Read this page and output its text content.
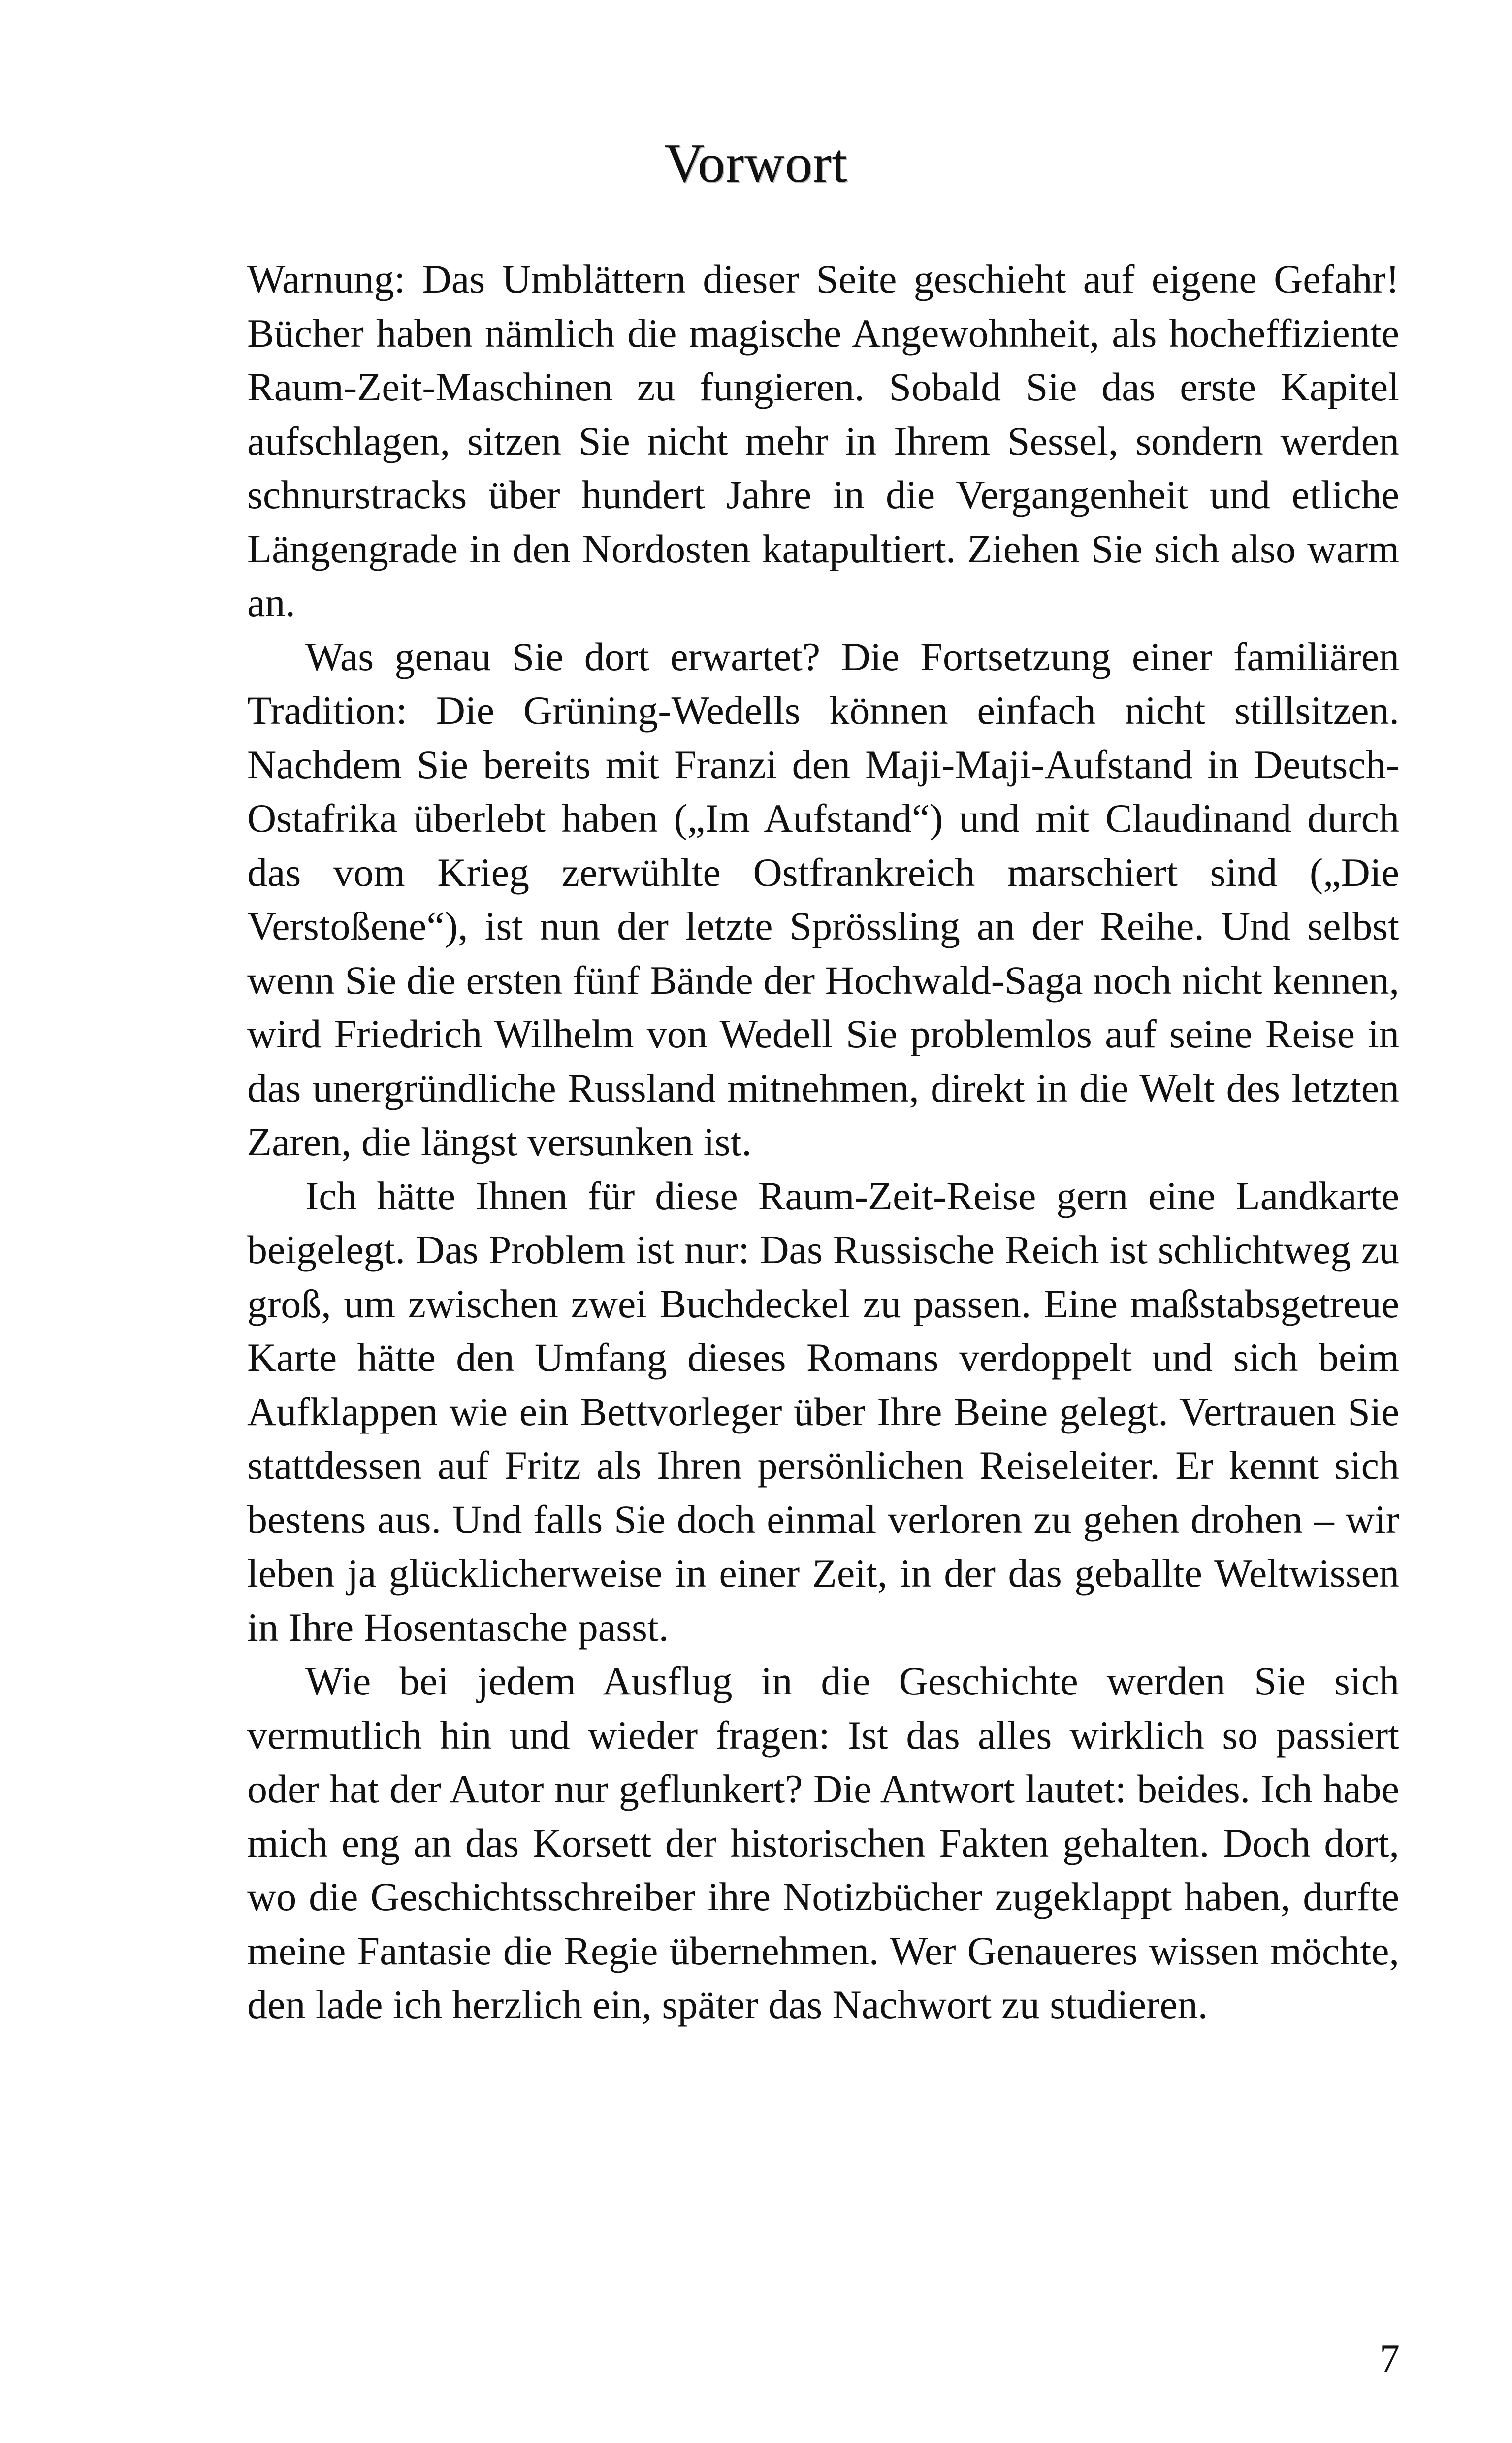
Vorwort

Warnung: Das Umblättern dieser Seite geschieht auf eigene Gefahr! Bücher haben nämlich die magische Angewohnheit, als hocheffiziente Raum-Zeit-Maschinen zu fungieren. Sobald Sie das erste Kapitel aufschlagen, sitzen Sie nicht mehr in Ihrem Sessel, sondern werden schnurstracks über hundert Jahre in die Vergangenheit und etliche Längengrade in den Nordosten katapultiert. Ziehen Sie sich also warm an.

Was genau Sie dort erwartet? Die Fortsetzung einer familiären Tradition: Die Grüning-Wedells können einfach nicht stillsitzen. Nachdem Sie bereits mit Franzi den Maji-Maji-Aufstand in Deutsch-Ostafrika überlebt haben („Im Aufstand“) und mit Claudinand durch das vom Krieg zerwühlte Ostfrankreich marschiert sind („Die Verstoßene“), ist nun der letzte Sprössling an der Reihe. Und selbst wenn Sie die ersten fünf Bände der Hochwald-Saga noch nicht kennen, wird Friedrich Wilhelm von Wedell Sie problemlos auf seine Reise in das unergründliche Russland mitnehmen, direkt in die Welt des letzten Zaren, die längst versunken ist.

Ich hätte Ihnen für diese Raum-Zeit-Reise gern eine Landkarte beigelegt. Das Problem ist nur: Das Russische Reich ist schlichtweg zu groß, um zwischen zwei Buchdeckel zu passen. Eine maßstabsgetreue Karte hätte den Umfang dieses Romans verdoppelt und sich beim Aufklappen wie ein Bettvorleger über Ihre Beine gelegt. Vertrauen Sie stattdessen auf Fritz als Ihren persönlichen Reiseleiter. Er kennt sich bestens aus. Und falls Sie doch einmal verloren zu gehen drohen – wir leben ja glücklicherweise in einer Zeit, in der das geballte Weltwissen in Ihre Hosentasche passt.

Wie bei jedem Ausflug in die Geschichte werden Sie sich vermutlich hin und wieder fragen: Ist das alles wirklich so passiert oder hat der Autor nur geflunkert? Die Antwort lautet: beides. Ich habe mich eng an das Korsett der historischen Fakten gehalten. Doch dort, wo die Geschichtsschreiber ihre Notizbücher zugeklappt haben, durfte meine Fantasie die Regie übernehmen. Wer Genaueres wissen möchte, den lade ich herzlich ein, später das Nachwort zu studieren.

7
